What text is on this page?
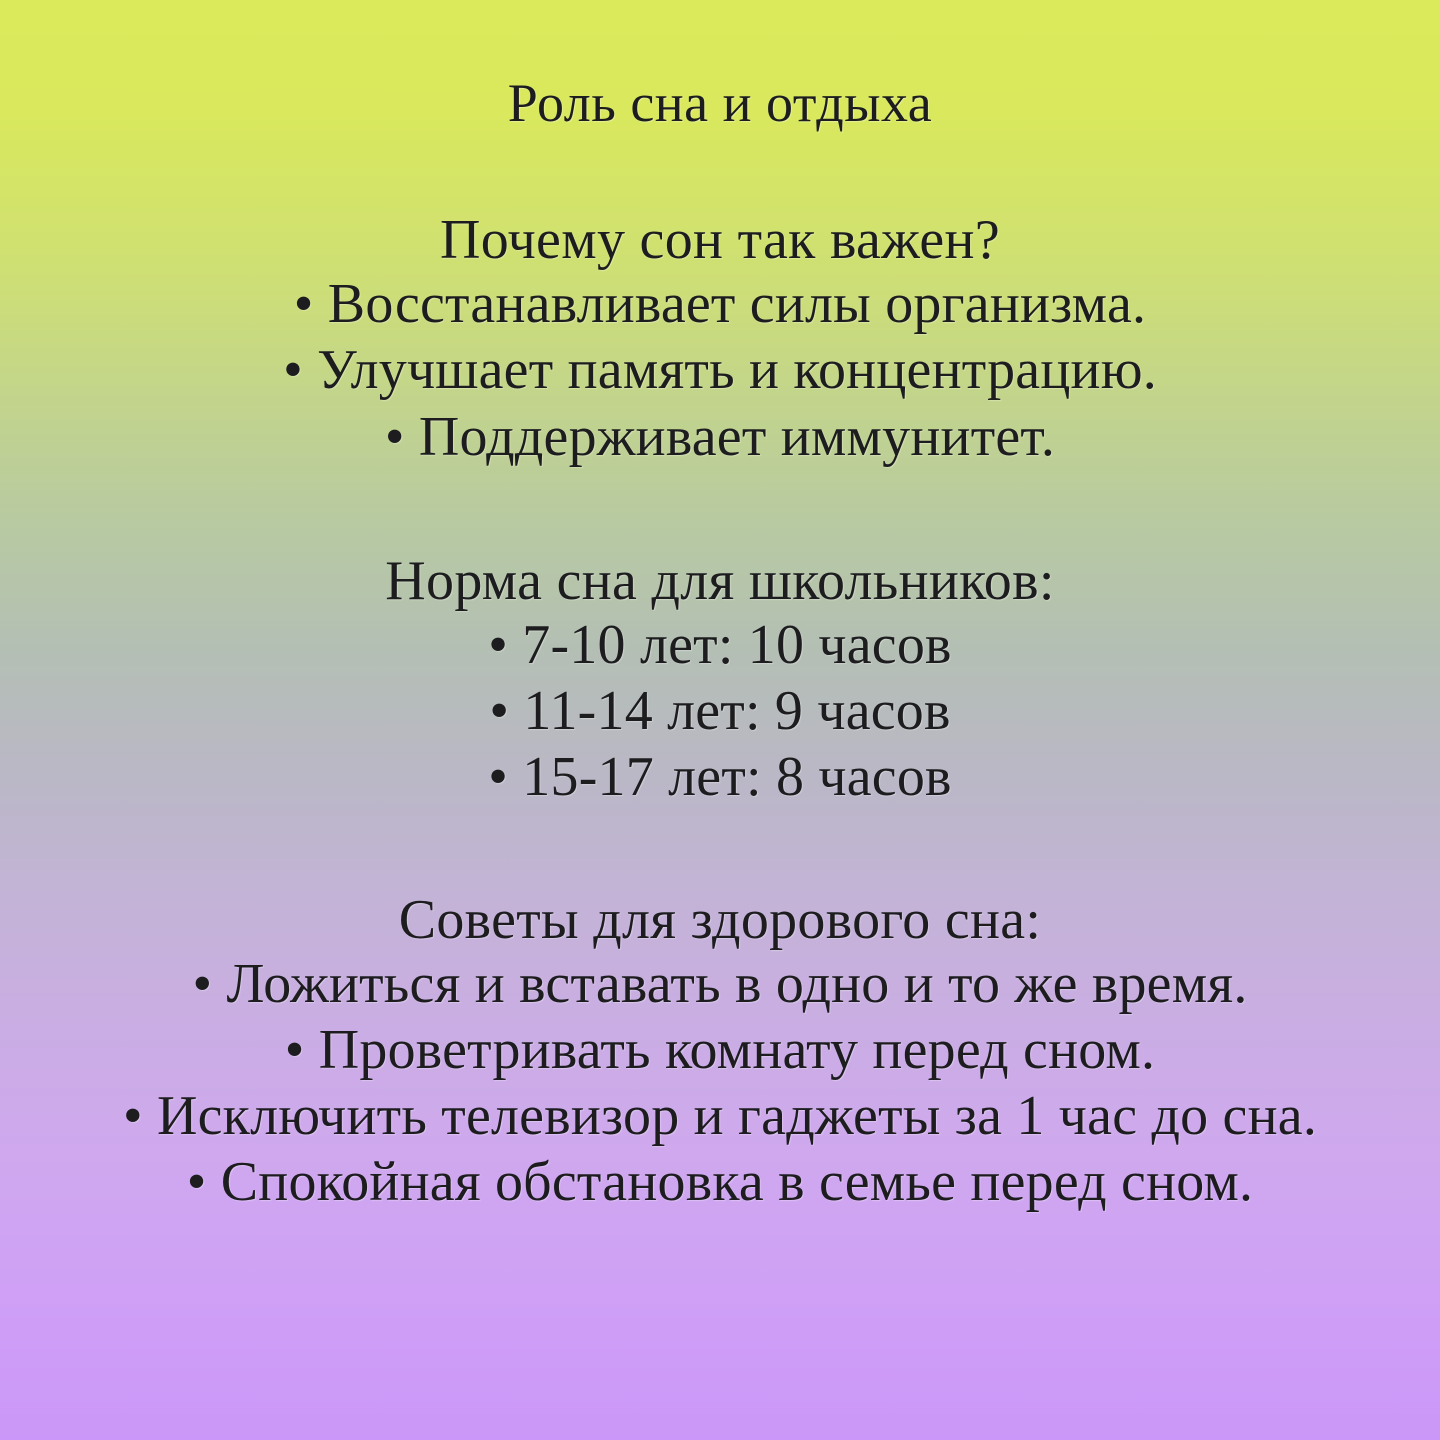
Роль сна и отдыха
Почему сон так важен?
• Восстанавливает силы организма.
• Улучшает память и концентрацию.
• Поддерживает иммунитет.
Норма сна для школьников:
• 7-10 лет: 10 часов
• 11-14 лет: 9 часов
• 15-17 лет: 8 часов
Советы для здорового сна:
• Ложиться и вставать в одно и то же время.
• Проветривать комнату перед сном.
• Исключить телевизор и гаджеты за 1 час до сна.
• Спокойная обстановка в семье перед сном.
